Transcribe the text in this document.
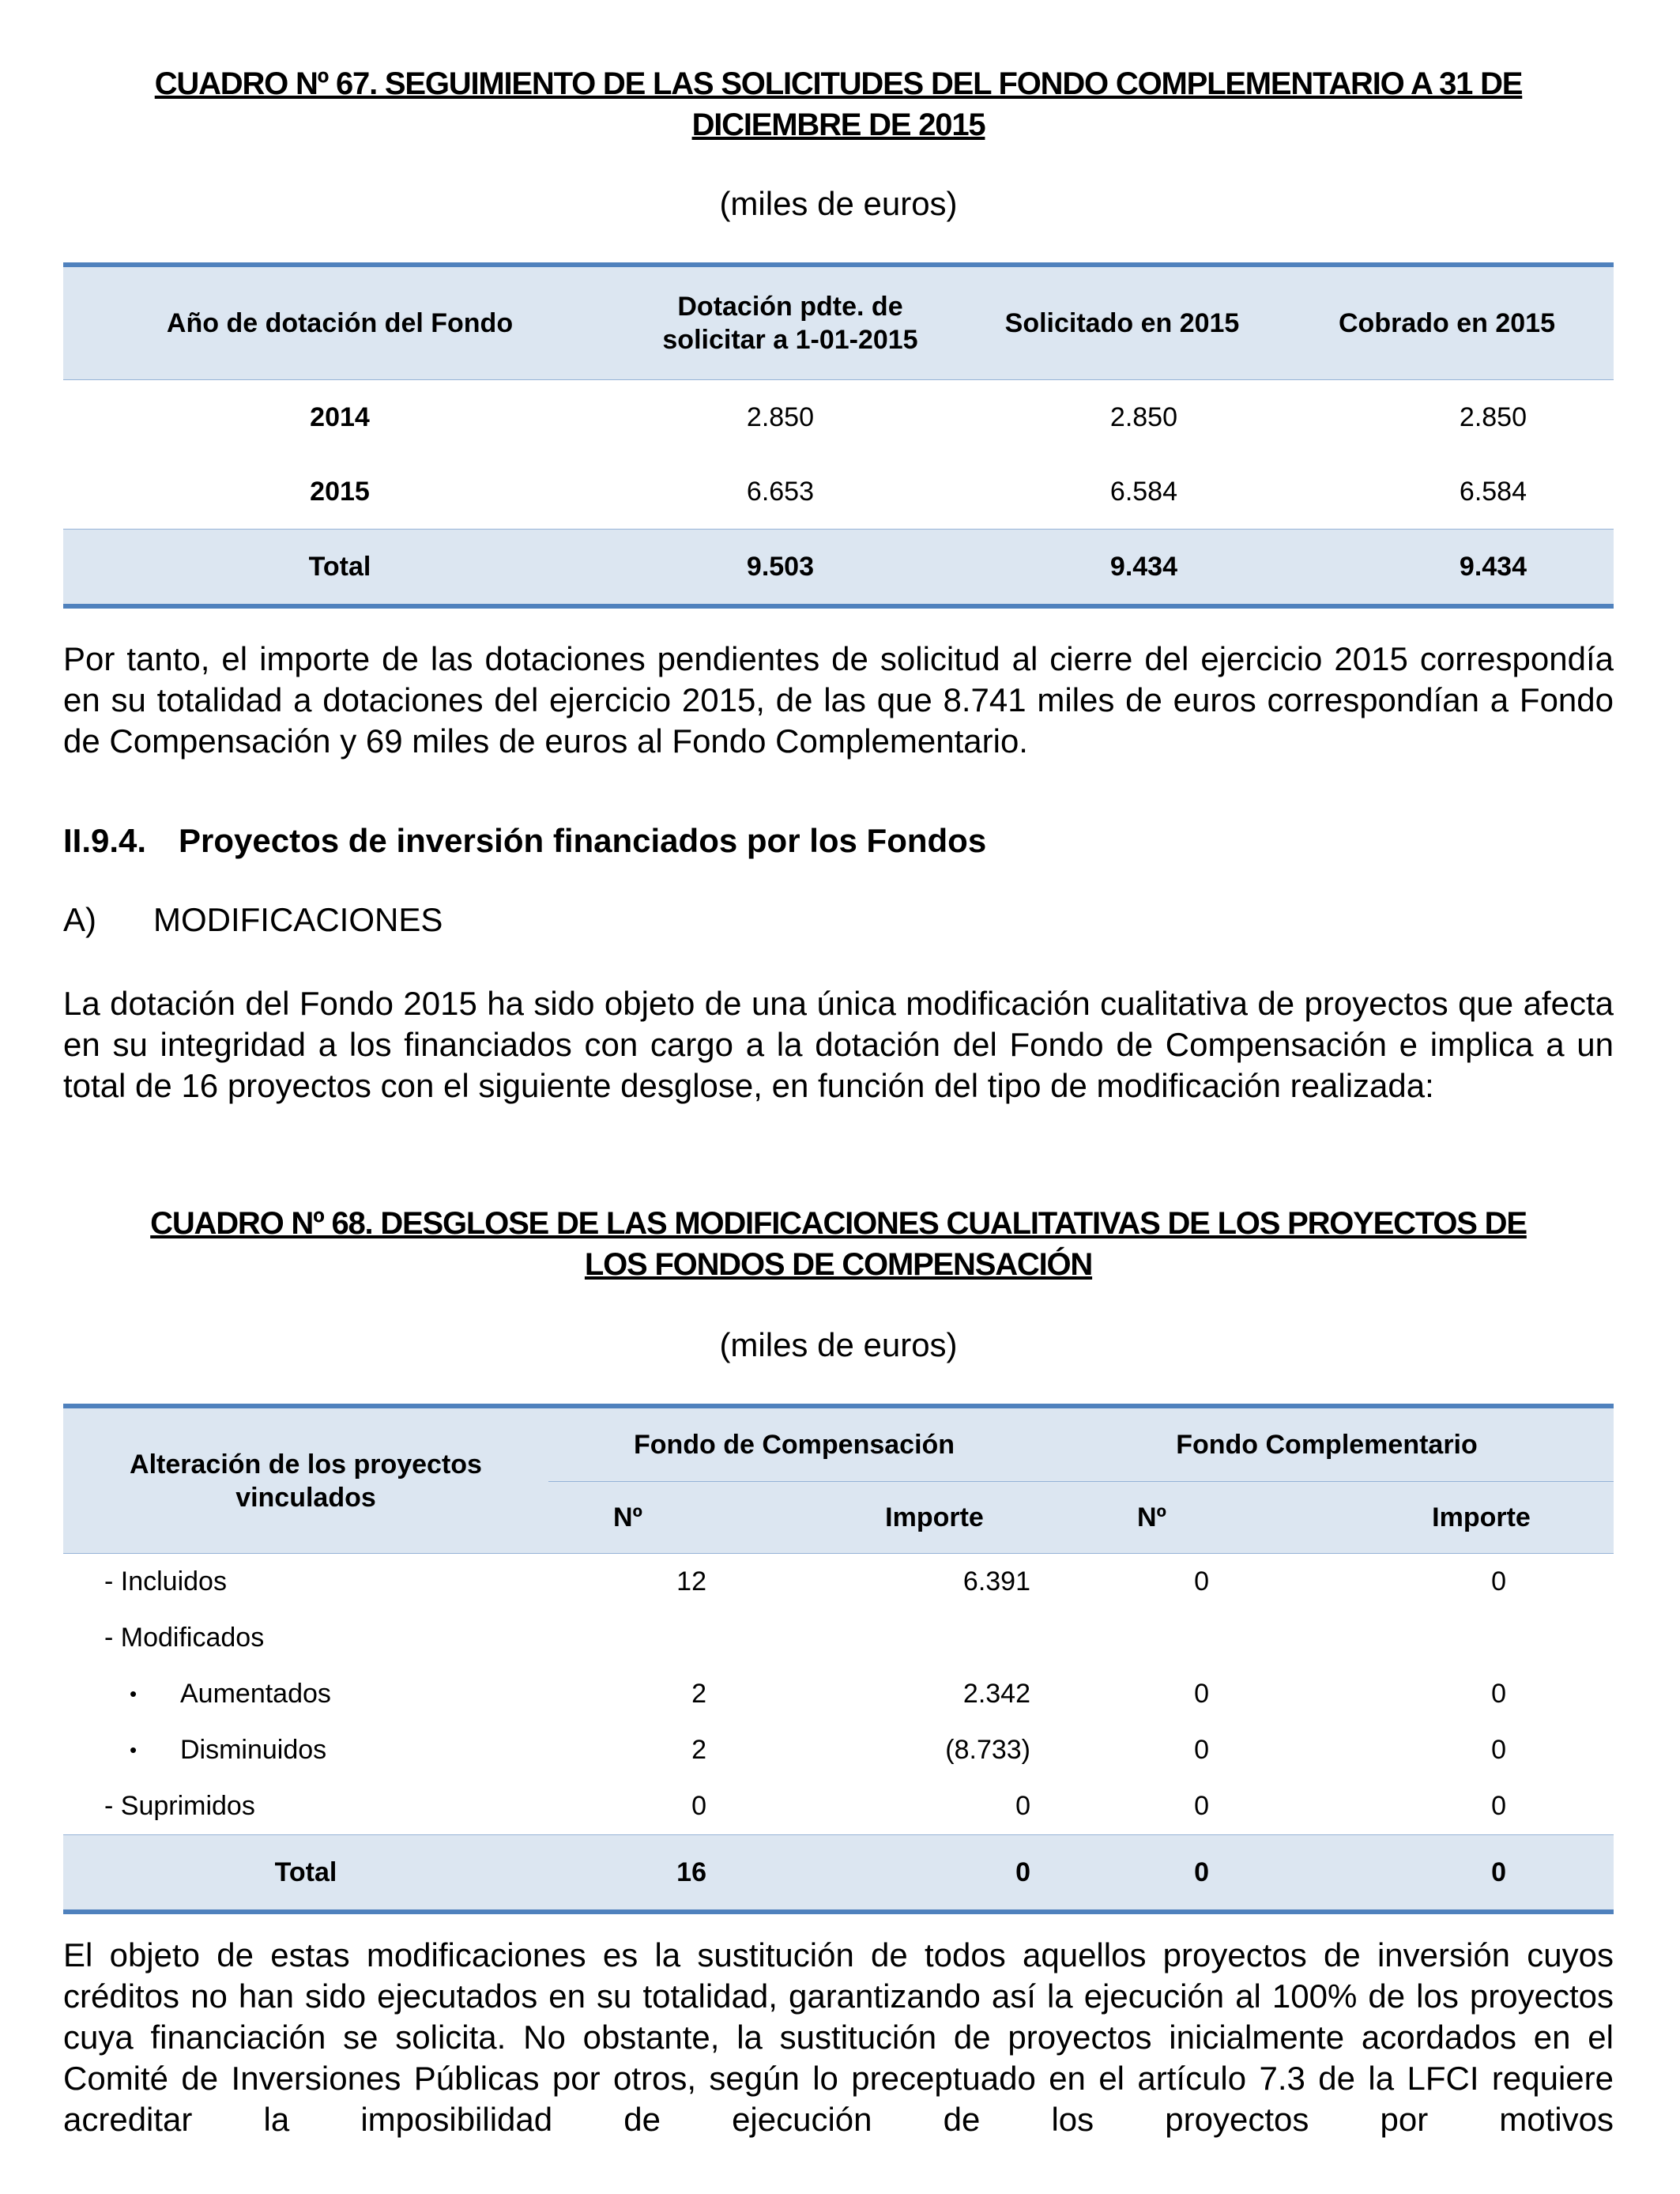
CUADRO Nº 67. SEGUIMIENTO DE LAS SOLICITUDES DEL FONDO COMPLEMENTARIO A 31 DE
DICIEMBRE DE 2015
(miles de euros)
Año de dotación del Fondo	Dotación pdte. de
solicitar a 1-01-2015	Solicitado en 2015	Cobrado en 2015
2014	2.850	2.850	2.850
2015	6.653	6.584	6.584
Total	9.503	9.434	9.434
Por tanto, el importe de las dotaciones pendientes de solicitud al cierre del ejercicio 2015 correspondía en su totalidad a dotaciones del ejercicio 2015, de las que 8.741 miles de euros correspondían a Fondo de Compensación y 69 miles de euros al Fondo Complementario.
II.9.4. Proyectos de inversión financiados por los Fondos
A) MODIFICACIONES
La dotación del Fondo 2015 ha sido objeto de una única modificación cualitativa de proyectos que afecta en su integridad a los financiados con cargo a la dotación del Fondo de Compensación e implica a un total de 16 proyectos con el siguiente desglose, en función del tipo de modificación realizada:
CUADRO Nº 68. DESGLOSE DE LAS MODIFICACIONES CUALITATIVAS DE LOS PROYECTOS DE
LOS FONDOS DE COMPENSACIÓN
(miles de euros)
Alteración de los proyectos
vinculados	Fondo de Compensación		Fondo Complementario	
	Nº	Importe	Nº	Importe
- Incluidos	12	6.391	0	0
- Modificados				
• Aumentados	2	2.342	0	0
• Disminuidos	2	(8.733)	0	0
- Suprimidos	0	0	0	0
Total	16	0	0	0
El objeto de estas modificaciones es la sustitución de todos aquellos proyectos de inversión cuyos créditos no han sido ejecutados en su totalidad, garantizando así la ejecución al 100% de los proyectos cuya financiación se solicita. No obstante, la sustitución de proyectos inicialmente acordados en el Comité de Inversiones Públicas por otros, según lo preceptuado en el artículo 7.3 de la LFCI requiere acreditar la imposibilidad de ejecución de los proyectos por motivos
